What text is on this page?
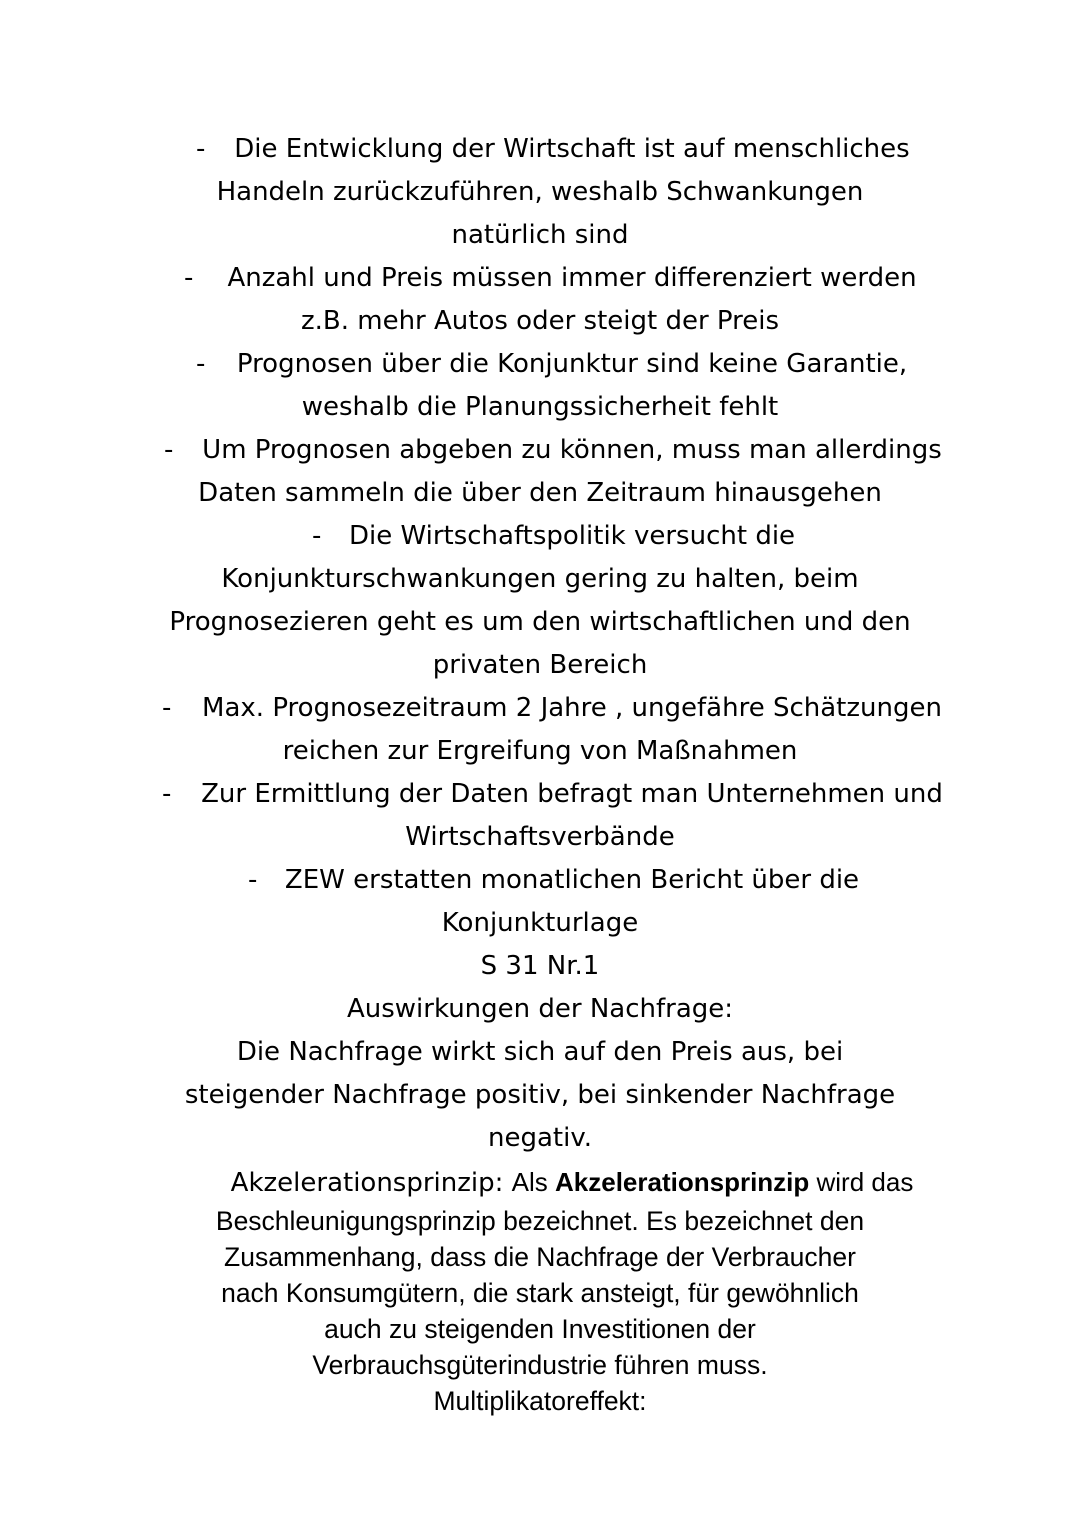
-	Die Entwicklung der Wirtschaft ist auf menschliches
Handeln zurückzuführen, weshalb Schwankungen
natürlich sind
-	Anzahl und Preis müssen immer differenziert werden
z.B. mehr Autos oder steigt der Preis
-	Prognosen über die Konjunktur sind keine Garantie,
weshalb die Planungssicherheit fehlt
-	Um Prognosen abgeben zu können, muss man allerdings
Daten sammeln die über den Zeitraum hinausgehen
-	Die Wirtschaftspolitik versucht die
Konjunkturschwankungen gering zu halten, beim
Prognosezieren geht es um den wirtschaftlichen und den
privaten Bereich
-	Max. Prognosezeitraum 2 Jahre , ungefähre Schätzungen
reichen zur Ergreifung von Maßnahmen
-	Zur Ermittlung der Daten befragt man Unternehmen und
Wirtschaftsverbände
-	ZEW erstatten monatlichen Bericht über die
Konjunkturlage
S 31 Nr.1
Auswirkungen der Nachfrage:
Die Nachfrage wirkt sich auf den Preis aus, bei
steigender Nachfrage positiv, bei sinkender Nachfrage
negativ.
Akzelerationsprinzip: Als Akzelerationsprinzip wird das
Beschleunigungsprinzip bezeichnet. Es bezeichnet den
Zusammenhang, dass die Nachfrage der Verbraucher
nach Konsumgütern, die stark ansteigt, für gewöhnlich
auch zu steigenden Investitionen der
Verbrauchsgüterindustrie führen muss.
Multiplikatoreffekt:
